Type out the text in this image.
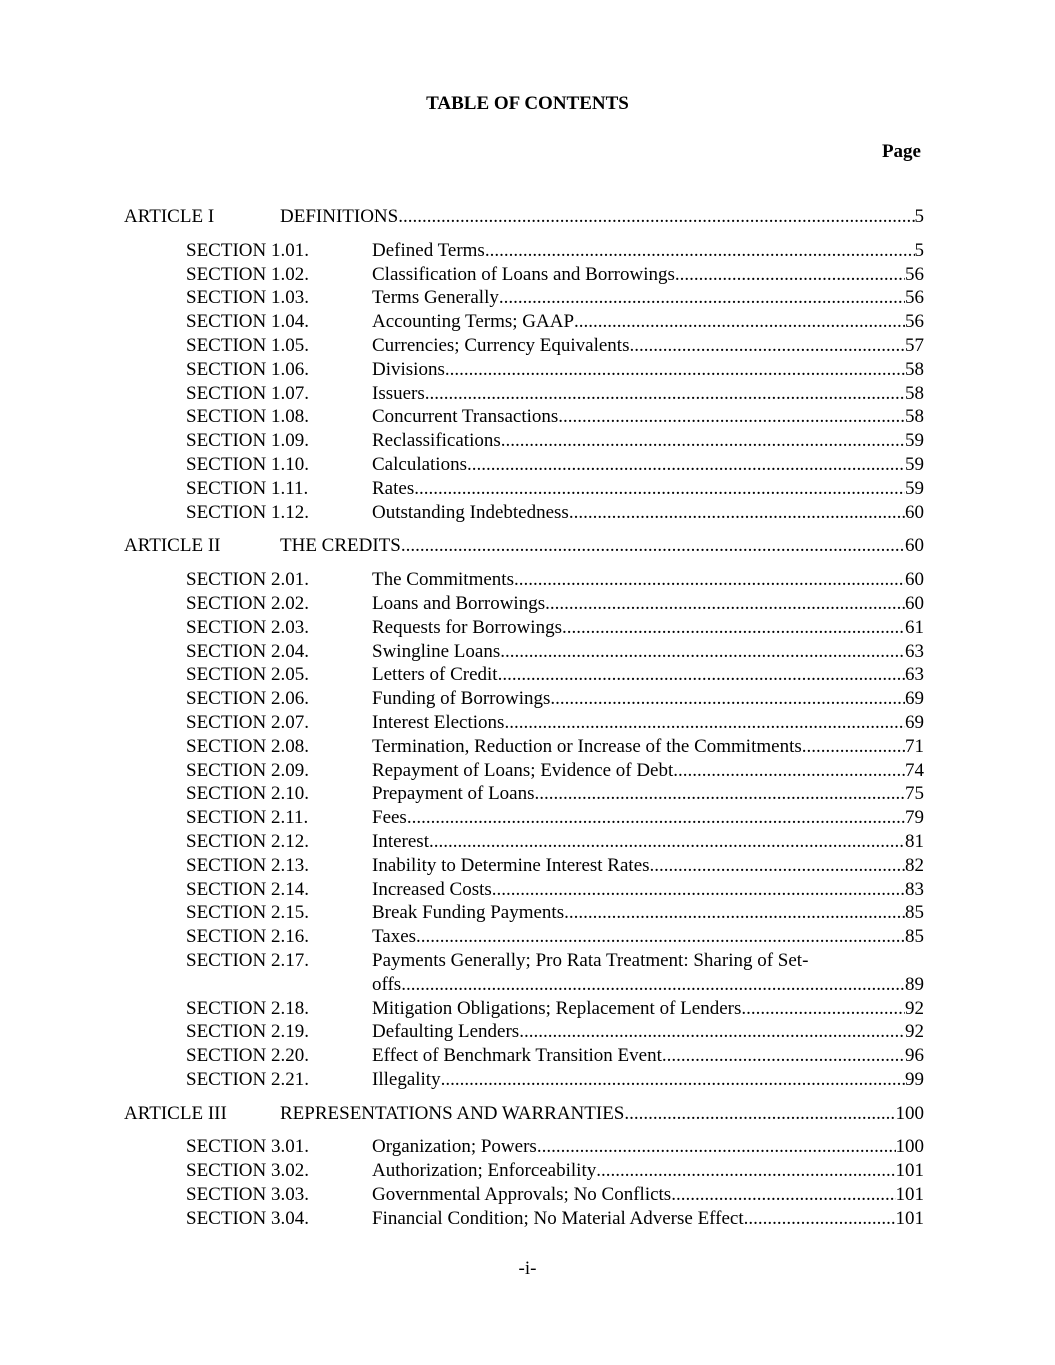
TABLE OF CONTENTS
Page
ARTICLE I	DEFINITIONS .....	5
SECTION 1.01.	Defined Terms .....	5
SECTION 1.02.	Classification of Loans and Borrowings .....	56
SECTION 1.03.	Terms Generally .....	56
SECTION 1.04.	Accounting Terms; GAAP .....	56
SECTION 1.05.	Currencies; Currency Equivalents .....	57
SECTION 1.06.	Divisions .....	58
SECTION 1.07.	Issuers .....	58
SECTION 1.08.	Concurrent Transactions .....	58
SECTION 1.09.	Reclassifications .....	59
SECTION 1.10.	Calculations .....	59
SECTION 1.11.	Rates .....	59
SECTION 1.12.	Outstanding Indebtedness .....	60
ARTICLE II	THE CREDITS .....	60
SECTION 2.01.	The Commitments .....	60
SECTION 2.02.	Loans and Borrowings .....	60
SECTION 2.03.	Requests for Borrowings .....	61
SECTION 2.04.	Swingline Loans .....	63
SECTION 2.05.	Letters of Credit .....	63
SECTION 2.06.	Funding of Borrowings .....	69
SECTION 2.07.	Interest Elections .....	69
SECTION 2.08.	Termination, Reduction or Increase of the Commitments .....	71
SECTION 2.09.	Repayment of Loans; Evidence of Debt .....	74
SECTION 2.10.	Prepayment of Loans .....	75
SECTION 2.11.	Fees .....	79
SECTION 2.12.	Interest .....	81
SECTION 2.13.	Inability to Determine Interest Rates .....	82
SECTION 2.14.	Increased Costs .....	83
SECTION 2.15.	Break Funding Payments .....	85
SECTION 2.16.	Taxes .....	85
SECTION 2.17.	Payments Generally; Pro Rata Treatment: Sharing of Set-
offs .....	89
SECTION 2.18.	Mitigation Obligations; Replacement of Lenders .....	92
SECTION 2.19.	Defaulting Lenders .....	92
SECTION 2.20.	Effect of Benchmark Transition Event .....	96
SECTION 2.21.	Illegality .....	99
ARTICLE III	REPRESENTATIONS AND WARRANTIES .....	100
SECTION 3.01.	Organization; Powers .....	100
SECTION 3.02.	Authorization; Enforceability .....	101
SECTION 3.03.	Governmental Approvals; No Conflicts .....	101
SECTION 3.04.	Financial Condition; No Material Adverse Effect .....	101
-i-
